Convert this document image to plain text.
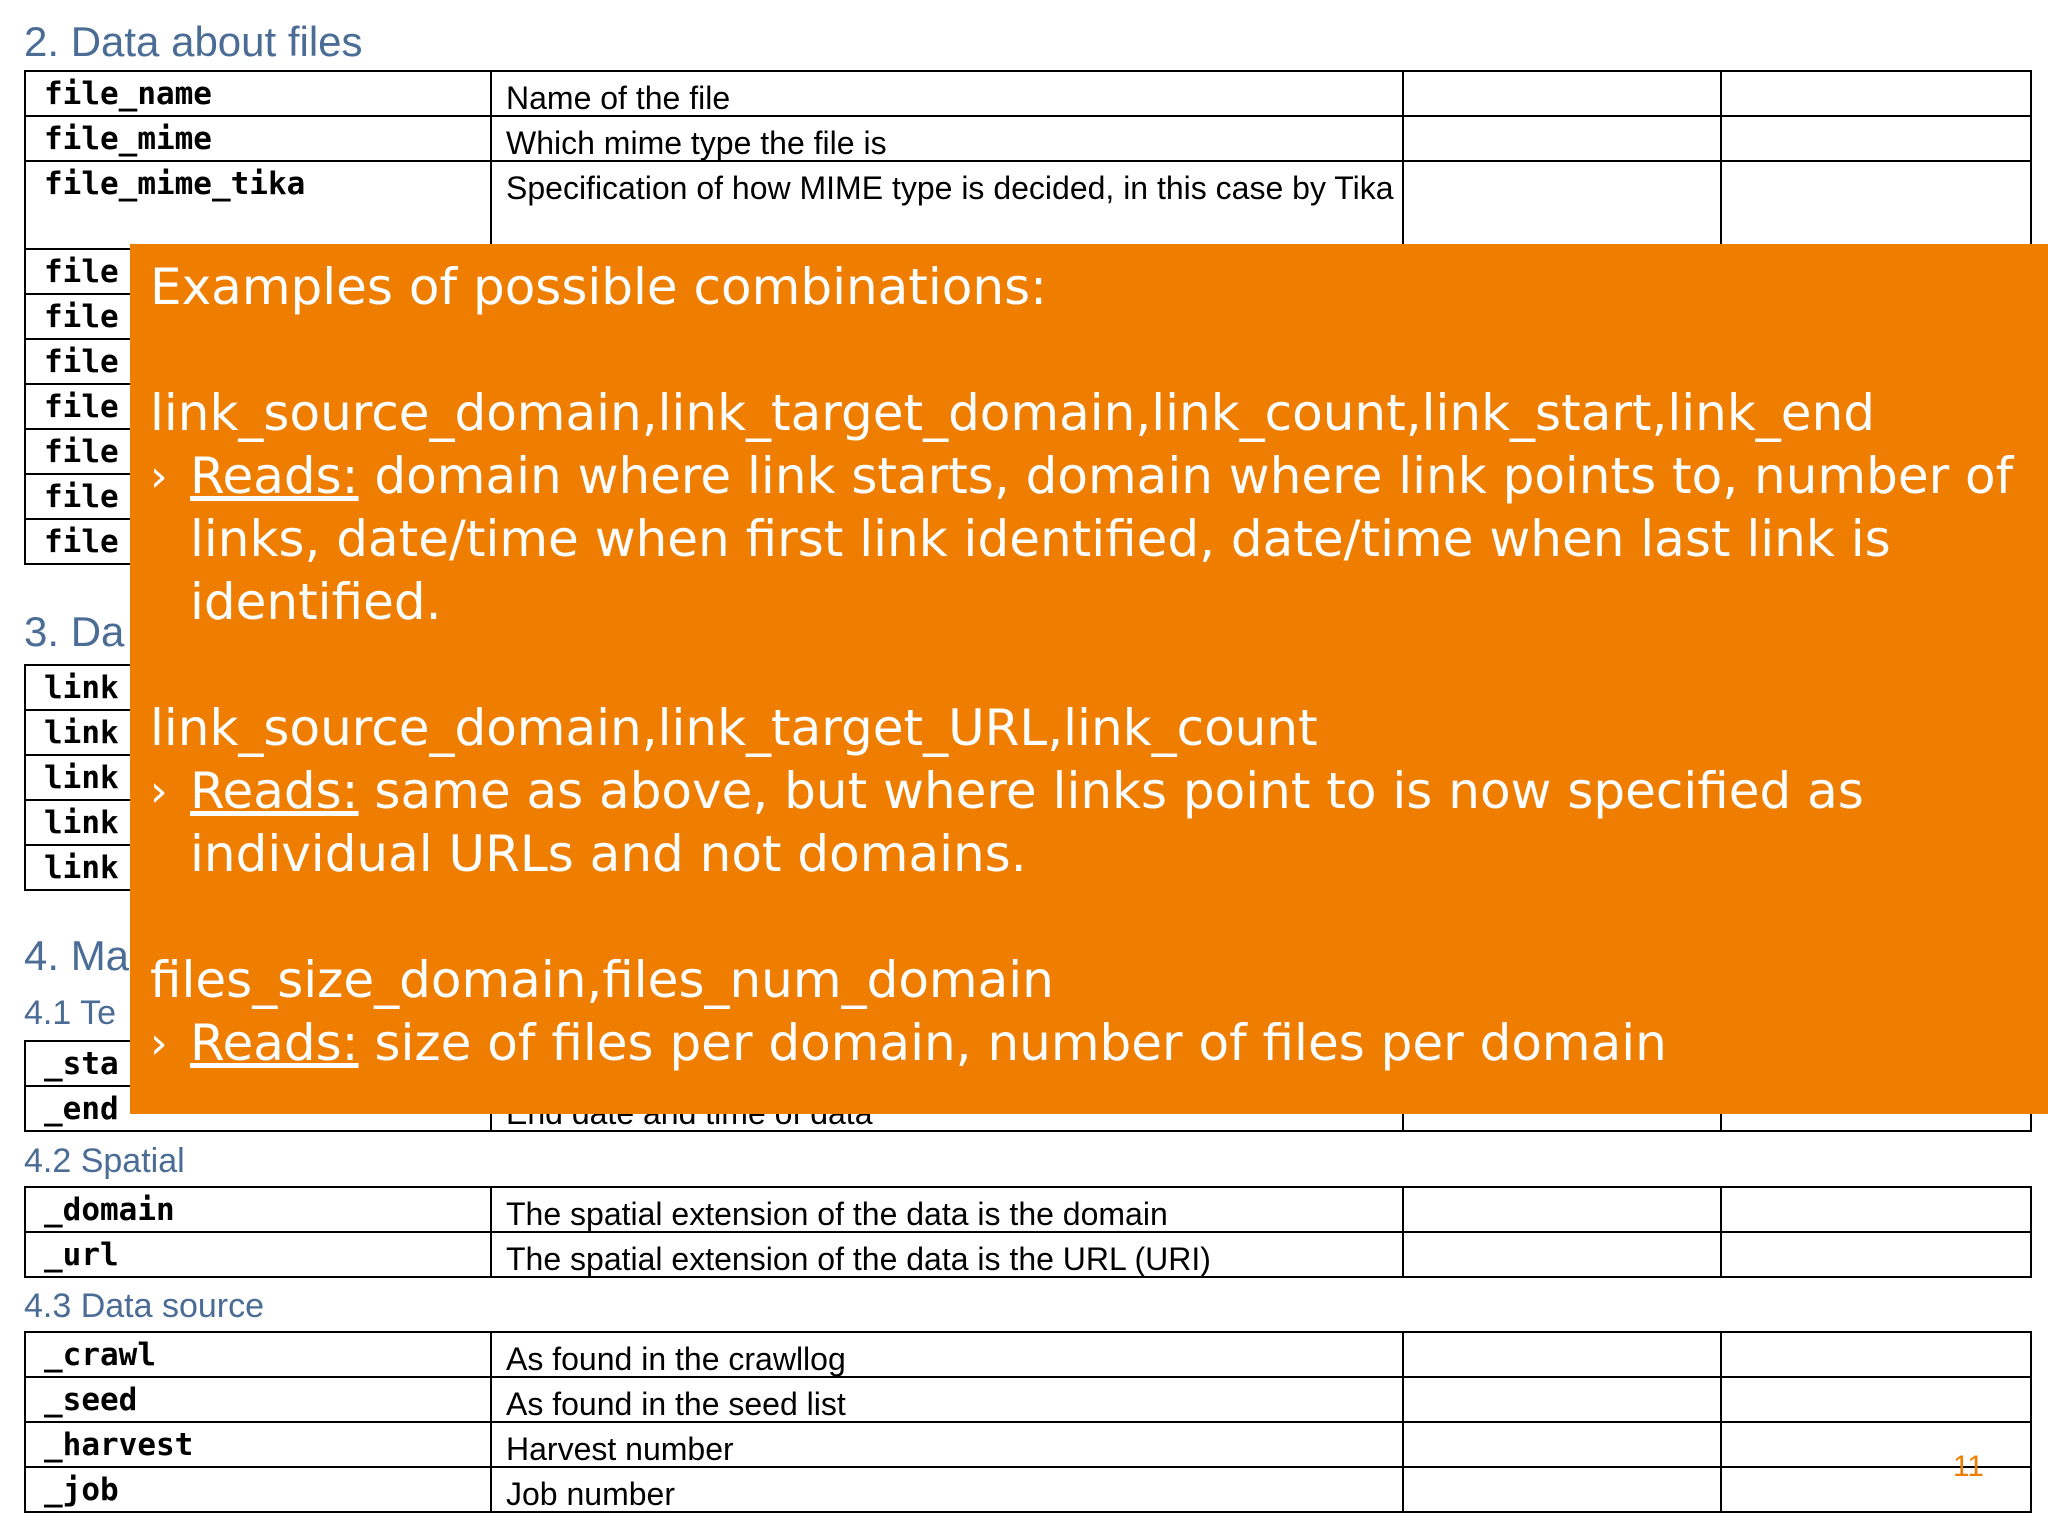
2. Data about files
3. Da
4. Ma
4.1 Te
4.2 Spatial
4.3 Data source
file_name	Name of the file
file_mime	Which mime type the file is
file_mime_tika	Specification of how MIME type is decided, in this case by Tika
file
file
file
file
file
file
file
link
link
link
link
link
_sta
_end
_domain	The spatial extension of the data is the domain
_url	The spatial extension of the data is the URL (URI)
_crawl	As found in the crawllog
_seed	As found in the seed list
_harvest	Harvest number
_job	Job number
Examples of possible combinations:
link_source_domain,link_target_domain,link_count,link_start,link_end
› Reads: domain where link starts, domain where link points to, number of links, date/time when first link identified, date/time when last link is identified.
link_source_domain,link_target_URL,link_count
› Reads: same as above, but where links point to is now specified as individual URLs and not domains.
files_size_domain,files_num_domain
› Reads: size of files per domain, number of files per domain
11
